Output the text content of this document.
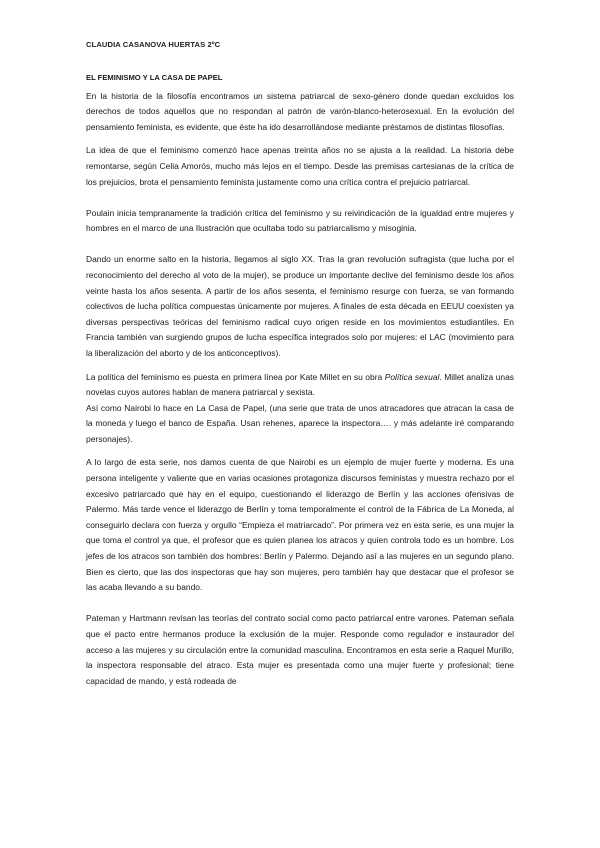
CLAUDIA CASANOVA HUERTAS 2ºC
EL FEMINISMO Y LA CASA DE PAPEL

En la historia de la filosofía encontramos un sistema patriarcal de sexo-género donde quedan excluidos los derechos de todos aquellos que no respondan al patrón de varón-blanco-heterosexual. En la evolución del pensamiento feminista, es evidente, que éste ha ido desarrollándose mediante préstamos de distintas filosofías.

La idea de que el feminismo comenzó hace apenas treinta años no se ajusta a la realidad. La historia debe remontarse, según Celia Amorós, mucho más lejos en el tiempo. Desde las premisas cartesianas de la crítica de los prejuicios, brota el pensamiento feminista justamente como una crítica contra el prejuicio patriarcal.

Poulain inicia tempranamente la tradición crítica del feminismo y su reivindicación de la igualdad entre mujeres y hombres en el marco de una Ilustración que ocultaba todo su patriarcalismo y misoginia.

Dando un enorme salto en la historia, llegamos al siglo XX. Tras la gran revolución sufragista (que lucha por el reconocimiento del derecho al voto de la mujer), se produce un importante declive del feminismo desde los años veinte hasta los años sesenta. A partir de los años sesenta, el feminismo resurge con fuerza, se van formando colectivos de lucha política compuestas únicamente por mujeres. A finales de esta década en EEUU coexisten ya diversas perspectivas teóricas del feminismo radical cuyo origen reside en los movimientos estudiantiles. En Francia también van surgiendo grupos de lucha específica integrados solo por mujeres: el LAC (movimiento para la liberalización del aborto y de los anticonceptivos).

La política del feminismo es puesta en primera línea por Kate Millet en su obra Política sexual. Millet analiza unas novelas cuyos autores hablan de manera patriarcal y sexista.

Así como Nairobi lo hace en La Casa de Papel, (una serie que trata de unos atracadores que atracan la casa de la moneda y luego el banco de España. Usan rehenes, aparece la inspectora…. y más adelante iré comparando personajes).

A lo largo de esta serie, nos damos cuenta de que Nairobi es un ejemplo de mujer fuerte y moderna. Es una persona inteligente y valiente que en varias ocasiones protagoniza discursos feministas y muestra rechazo por el excesivo patriarcado que hay en el equipo, cuestionando el liderazgo de Berlín y las acciones ofensivas de Palermo. Más tarde vence el liderazgo de Berlín y toma temporalmente el control de la Fábrica de La Moneda, al conseguirlo declara con fuerza y orgullo “Empieza el matriarcado”. Por primera vez en esta serie, es una mujer la que toma el control ya que, el profesor que es quien planea los atracos y quien controla todo es un hombre. Los jefes de los atracos son también dos hombres: Berlín y Palermo. Dejando así a las mujeres en un segundo plano. Bien es cierto, que las dos inspectoras que hay son mujeres, pero también hay que destacar que el profesor se las acaba llevando a su bando.

Pateman y Hartmann revisan las teorías del contrato social como pacto patriarcal entre varones. Pateman señala que el pacto entre hermanos produce la exclusión de la mujer. Responde como regulador e instaurador del acceso a las mujeres y su circulación entre la comunidad masculina. Encontramos en esta serie a Raquel Murillo, la inspectora responsable del atraco. Esta mujer es presentada como una mujer fuerte y profesional; tiene capacidad de mando, y está rodeada de
